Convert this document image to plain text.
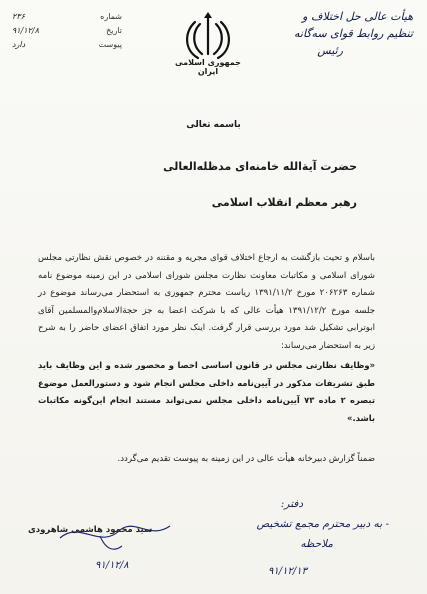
شماره
۲۳۶
تاریخ
۹۱/۱۲/۸
پیوست
دارد
جمهوری اسلامی ایران
هیأت عالی حل اختلاف و
تنظیم روابط قوای سه‌گانه
رئیس
باسمه تعالی
حضرت آیةالله خامنه‌ای مدظله‌العالی
رهبر معظم انقلاب اسلامی

باسلام و تحیت بازگشت به ارجاع اختلاف قوای مجریه و مقننه در خصوص نقش نظارتی مجلس شورای اسلامی و مکاتبات معاونت نظارت مجلس شورای اسلامی در این زمینه موضوع نامه شماره ۲۰۶۲۶۳ مورخ ۱۳۹۱/۱۱/۲ ریاست محترم جمهوری به استحضار می‌رساند موضوع در جلسه مورخ ۱۳۹۱/۱۲/۲ هیأت عالی که با شرکت اعضا به جز حجةالاسلام‌والمسلمین آقای ابوترابی تشکیل شد مورد بررسی قرار گرفت. اینک نظر مورد اتفاق اعضای حاضر را به شرح زیر به استحضار می‌رساند:

«وظایف نظارتی مجلس در قانون اساسی احصا و محصور شده و این وظایف باید طبق تشریفات مذکور در آیین‌نامه داخلی مجلس انجام شود و دستورالعمل موضوع تبصره ۲ ماده ۷۳ آیین‌نامه داخلی مجلس نمی‌تواند مستند انجام این‌گونه مکاتبات باشد.»

ضمناً گزارش دبیرخانه هیأت عالی در این زمینه به پیوست تقدیم می‌گردد.
سید محمود هاشمی شاهرودی
۹۱/۱۲/۸
دفتر:
- به دبیر محترم مجمع تشخیص
ملاحظه
۹۱/۱۲/۱۳
